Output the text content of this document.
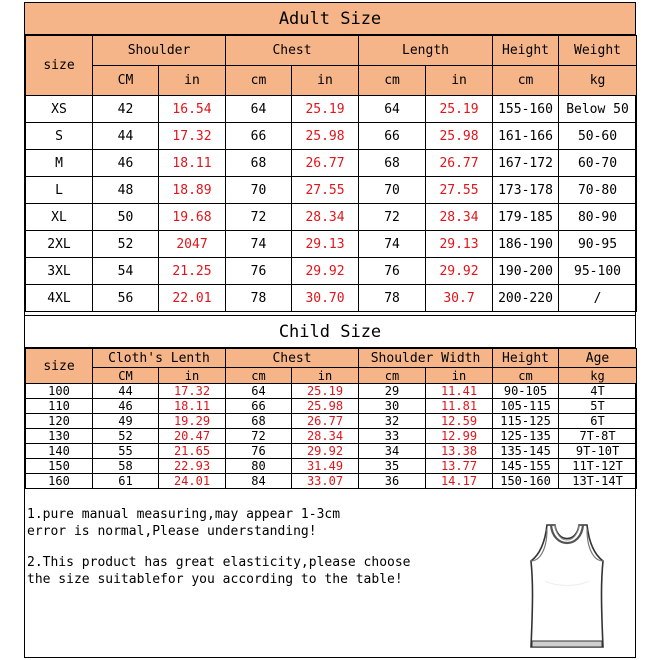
Adult Size
size	Shoulder		Chest		Length		Height	Weight
	CM	in	cm	in	cm	in	cm	kg
XS	42	16.54	64	25.19	64	25.19	155-160	Below 50
S	44	17.32	66	25.98	66	25.98	161-166	50-60
M	46	18.11	68	26.77	68	26.77	167-172	60-70
L	48	18.89	70	27.55	70	27.55	173-178	70-80
XL	50	19.68	72	28.34	72	28.34	179-185	80-90
2XL	52	2047	74	29.13	74	29.13	186-190	90-95
3XL	54	21.25	76	29.92	76	29.92	190-200	95-100
4XL	56	22.01	78	30.70	78	30.7	200-220	/
Child Size
size	Cloth's Lenth		Chest		Shoulder Width		Height	Age
	CM	in	cm	in	cm	in	cm	kg
100	44	17.32	64	25.19	29	11.41	90-105	4T
110	46	18.11	66	25.98	30	11.81	105-115	5T
120	49	19.29	68	26.77	32	12.59	115-125	6T
130	52	20.47	72	28.34	33	12.99	125-135	7T-8T
140	55	21.65	76	29.92	34	13.38	135-145	9T-10T
150	58	22.93	80	31.49	35	13.77	145-155	11T-12T
160	61	24.01	84	33.07	36	14.17	150-160	13T-14T
1.pure manual measuring,may appear 1-3cm
error is normal,Please understanding!
2.This product has great elasticity,please choose
the size suitablefor you according to the table!
